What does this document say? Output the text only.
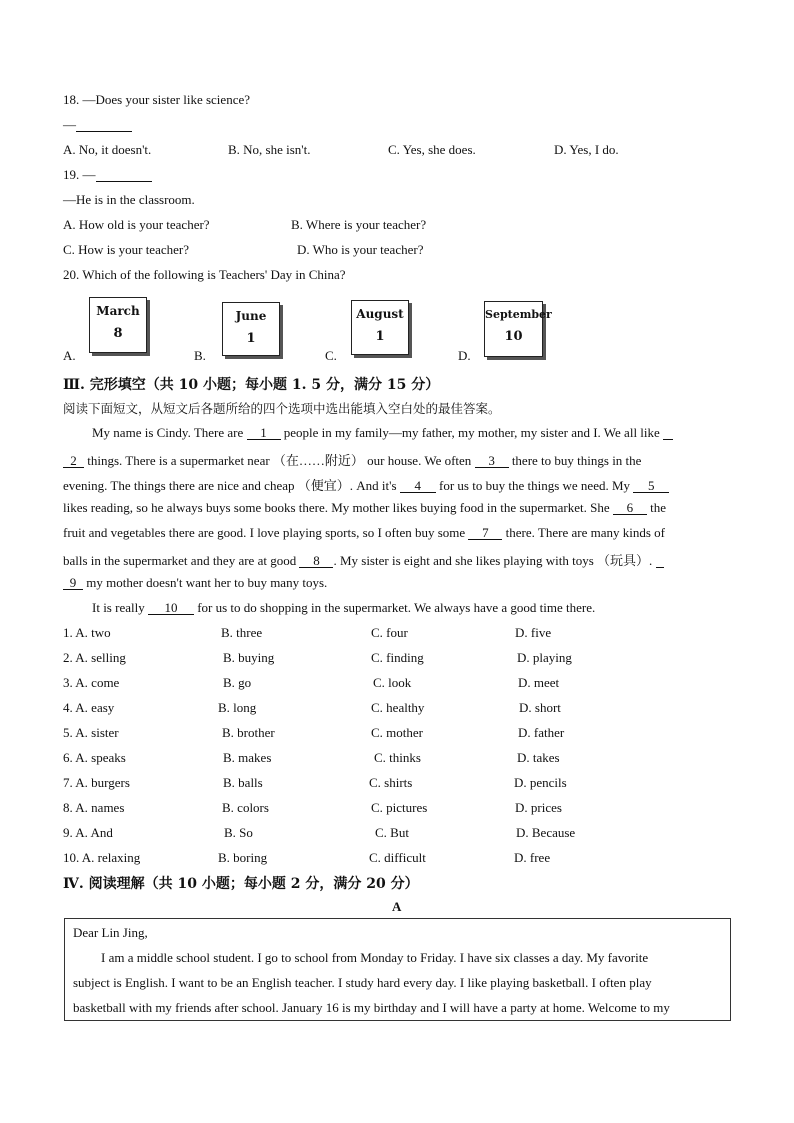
18. —Does your sister like science?
—
A. No, it doesn't.	B. No, she isn't.	C. Yes, she does.	D. Yes, I do.
19. —
—He is in the classroom.
A. How old is your teacher?	B. Where is your teacher?
C. How is your teacher?	D. Who is your teacher?
20. Which of the following is Teachers' Day in China?
A.
March
8
B.
June
1
C.
August
1
D.
September
10
Ⅲ. 完形填空（共 10 小题；每小题 1. 5 分，满分 15 分）
阅读下面短文，从短文后各题所给的四个选项中选出能填入空白处的最佳答案。
My name is Cindy. There are 1 people in my family—my father, my mother, my sister and I. We all like
2 things. There is a supermarket near （在……附近） our house. We often 3 there to buy things in the
evening. The things there are nice and cheap （便宜）. And it's 4 for us to buy the things we need. My 5
likes reading, so he always buys some books there. My mother likes buying food in the supermarket. She 6 the
fruit and vegetables there are good. I love playing sports, so I often buy some 7 there. There are many kinds of
balls in the supermarket and they are at good 8 . My sister is eight and she likes playing with toys （玩具）.
9 my mother doesn't want her to buy many toys.
It is really 10 for us to do shopping in the supermarket. We always have a good time there.
1. A. two	B. three	C. four	D. five
2. A. selling	B. buying	C. finding	D. playing
3. A. come	B. go	C. look	D. meet
4. A. easy	B. long	C. healthy	D. short
5. A. sister	B. brother	C. mother	D. father
6. A. speaks	B. makes	C. thinks	D. takes
7. A. burgers	B. balls	C. shirts	D. pencils
8. A. names	B. colors	C. pictures	D. prices
9. A. And	B. So	C. But	D. Because
10. A. relaxing	B. boring	C. difficult	D. free
Ⅳ. 阅读理解（共 10 小题；每小题 2 分，满分 20 分）
A
Dear Lin Jing,
I am a middle school student. I go to school from Monday to Friday. I have six classes a day. My favorite
subject is English. I want to be an English teacher. I study hard every day. I like playing basketball. I often play
basketball with my friends after school. January 16 is my birthday and I will have a party at home. Welcome to my
